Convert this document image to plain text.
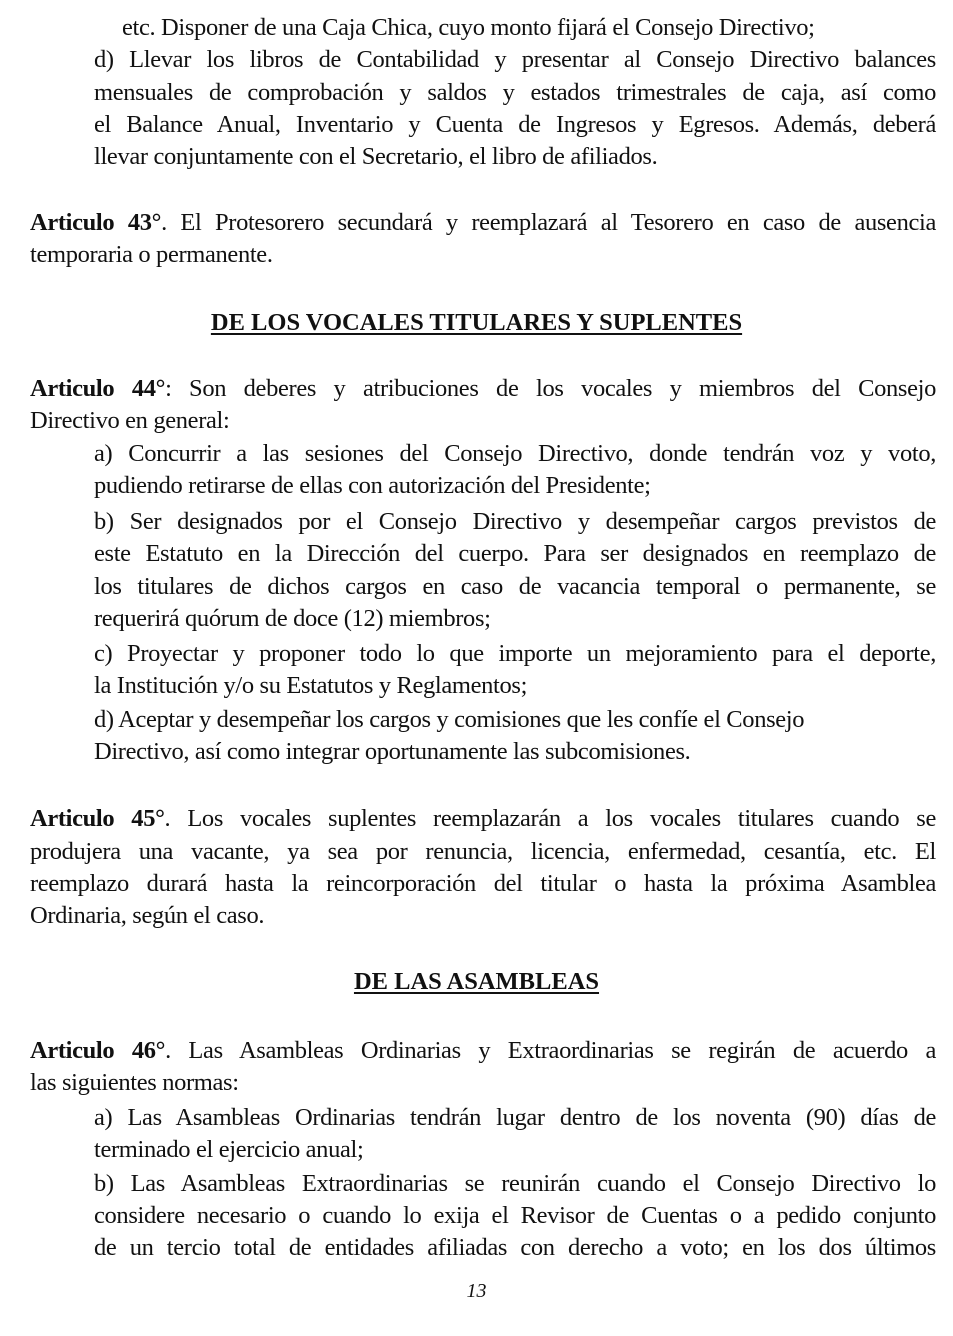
etc. Disponer de una Caja Chica, cuyo monto fijará el Consejo Directivo;
d) Llevar los libros de Contabilidad y presentar al Consejo Directivo balances
mensuales de comprobación y saldos y estados trimestrales de caja, así como
el Balance Anual, Inventario y Cuenta de Ingresos y Egresos. Además, deberá
llevar conjuntamente con el Secretario, el libro de afiliados.
Articulo 43°. El Protesorero secundará y reemplazará al Tesorero en caso de ausencia
temporaria o permanente.
DE LOS VOCALES TITULARES Y SUPLENTES
Articulo 44°: Son deberes y atribuciones de los vocales y miembros del Consejo
Directivo en general:
a) Concurrir a las sesiones del Consejo Directivo, donde tendrán voz y voto,
pudiendo retirarse de ellas con autorización del Presidente;
b) Ser designados por el Consejo Directivo y desempeñar cargos previstos de
este Estatuto en la Dirección del cuerpo. Para ser designados en reemplazo de
los titulares de dichos cargos en caso de vacancia temporal o permanente, se
requerirá quórum de doce (12) miembros;
c) Proyectar y proponer todo lo que importe un mejoramiento para el deporte,
la Institución y/o su Estatutos y Reglamentos;
d) Aceptar y desempeñar los cargos y comisiones que les confíe el Consejo
Directivo, así como integrar oportunamente las subcomisiones.
Articulo 45°. Los vocales suplentes reemplazarán a los vocales titulares cuando se
produjera una vacante, ya sea por renuncia, licencia, enfermedad, cesantía, etc. El
reemplazo durará hasta la reincorporación del titular o hasta la próxima Asamblea
Ordinaria, según el caso.
DE LAS ASAMBLEAS
Articulo 46°. Las Asambleas Ordinarias y Extraordinarias se regirán de acuerdo a
las siguientes normas:
a) Las Asambleas Ordinarias tendrán lugar dentro de los noventa (90) días de
terminado el ejercicio anual;
b) Las Asambleas Extraordinarias se reunirán cuando el Consejo Directivo lo
considere necesario o cuando lo exija el Revisor de Cuentas o a pedido conjunto
de un tercio total de entidades afiliadas con derecho a voto; en los dos últimos
13
